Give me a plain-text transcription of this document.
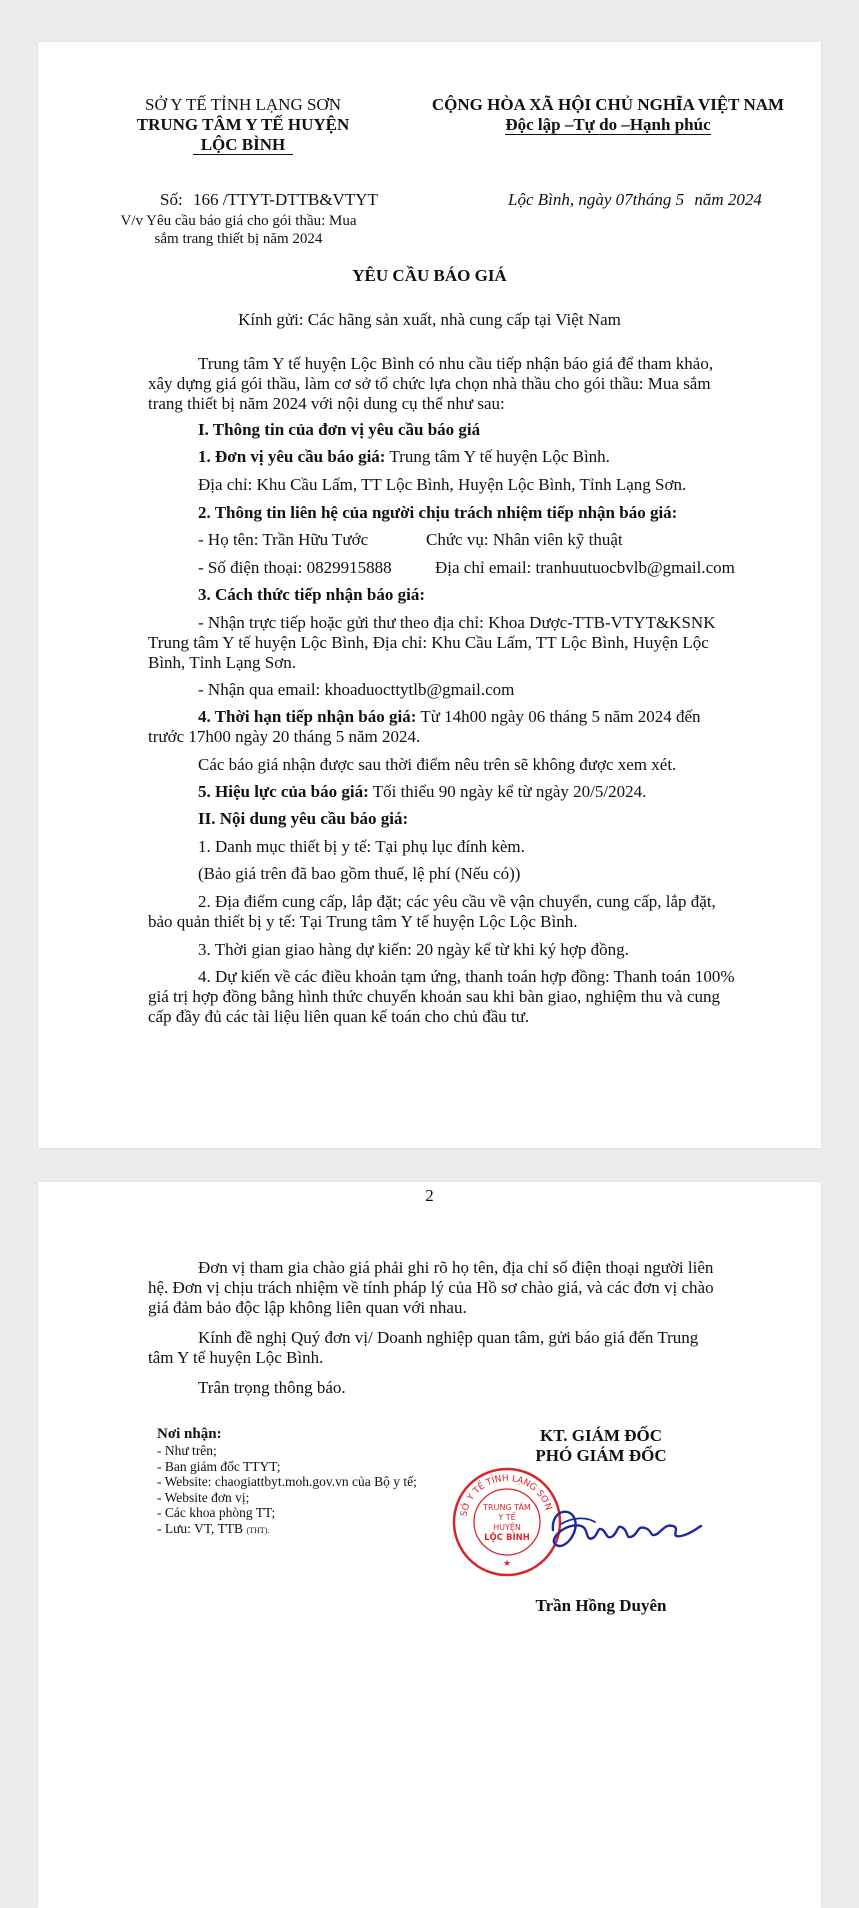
SỞ Y TẾ TỈNH LẠNG SƠN
TRUNG TÂM Y TẾ HUYỆN
LỘC BÌNH
CỘNG HÒA XÃ HỘI CHỦ NGHĨA VIỆT NAM
Độc lập –Tự do –Hạnh phúc
Số: 166 /TTYT-DTTB&VTYT	Lộc Bình, ngày 07tháng 5 năm 2024
V/v Yêu cầu báo giá cho gói thầu: Mua
sắm trang thiết bị năm 2024
YÊU CẦU BÁO GIÁ
Kính gửi: Các hãng sản xuất, nhà cung cấp tại Việt Nam
Trung tâm Y tế huyện Lộc Bình có nhu cầu tiếp nhận báo giá để tham khảo,
xây dựng giá gói thầu, làm cơ sở tổ chức lựa chọn nhà thầu cho gói thầu: Mua sắm
trang thiết bị năm 2024 với nội dung cụ thể như sau:
I. Thông tin của đơn vị yêu cầu báo giá
1. Đơn vị yêu cầu báo giá: Trung tâm Y tế huyện Lộc Bình.
Địa chỉ: Khu Cầu Lấm, TT Lộc Bình, Huyện Lộc Bình, Tỉnh Lạng Sơn.
2. Thông tin liên hệ của người chịu trách nhiệm tiếp nhận báo giá:
- Họ tên: Trần Hữu Tước	Chức vụ: Nhân viên kỹ thuật
- Số điện thoại: 0829915888	Địa chỉ email: tranhuutuocbvlb@gmail.com
3. Cách thức tiếp nhận báo giá:
- Nhận trực tiếp hoặc gửi thư theo địa chỉ: Khoa Dược-TTB-VTYT&KSNK
Trung tâm Y tế huyện Lộc Bình, Địa chỉ: Khu Cầu Lấm, TT Lộc Bình, Huyện Lộc
Bình, Tỉnh Lạng Sơn.
- Nhận qua email: khoaduocttytlb@gmail.com
4. Thời hạn tiếp nhận báo giá: Từ 14h00 ngày 06 tháng 5 năm 2024 đến
trước 17h00 ngày 20 tháng 5 năm 2024.
Các báo giá nhận được sau thời điểm nêu trên sẽ không được xem xét.
5. Hiệu lực của báo giá: Tối thiểu 90 ngày kể từ ngày 20/5/2024.
II. Nội dung yêu cầu báo giá:
1. Danh mục thiết bị y tế: Tại phụ lục đính kèm.
(Bảo giá trên đã bao gồm thuế, lệ phí (Nếu có))
2. Địa điểm cung cấp, lắp đặt; các yêu cầu về vận chuyển, cung cấp, lắp đặt,
bảo quản thiết bị y tế: Tại Trung tâm Y tế huyện Lộc Lộc Bình.
3. Thời gian giao hàng dự kiến: 20 ngày kể từ khi ký hợp đồng.
4. Dự kiến về các điều khoản tạm ứng, thanh toán hợp đồng: Thanh toán 100%
giá trị hợp đồng bằng hình thức chuyển khoản sau khi bàn giao, nghiệm thu và cung
cấp đầy đủ các tài liệu liên quan kế toán cho chủ đầu tư.
2
Đơn vị tham gia chào giá phải ghi rõ họ tên, địa chỉ số điện thoại người liên
hệ. Đơn vị chịu trách nhiệm về tính pháp lý của Hồ sơ chào giá, và các đơn vị chào
giá đảm bảo độc lập không liên quan với nhau.
Kính đề nghị Quý đơn vị/ Doanh nghiệp quan tâm, gửi báo giá đến Trung
tâm Y tế huyện Lộc Bình.
Trân trọng thông báo.
Nơi nhận:
- Như trên;
- Ban giám đốc TTYT;
- Website: chaogiattbyt.moh.gov.vn của Bộ y tế;
- Website đơn vị;
- Các khoa phòng TT;
- Lưu: VT, TTB (THT).
KT. GIÁM ĐỐC
PHÓ GIÁM ĐỐC
SỞ Y TẾ TỈNH LẠNG SƠN
TRUNG TÂM
Y TẾ
HUYỆN
LỘC BÌNH
★
Trần Hồng Duyên
